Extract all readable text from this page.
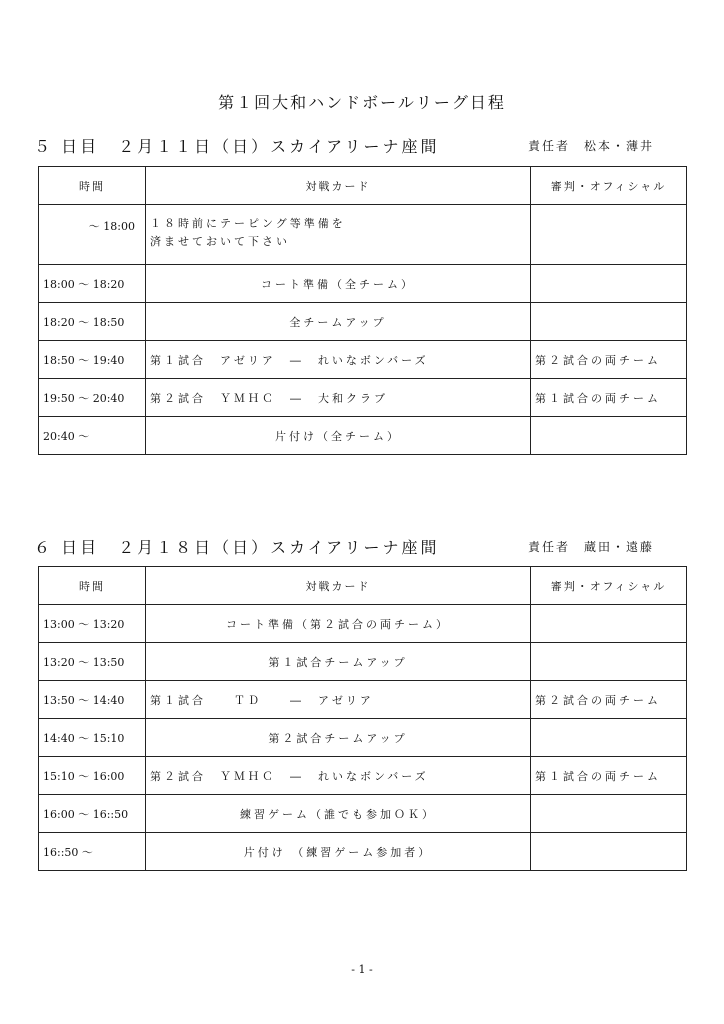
第１回大和ハンドボールリーグ日程
５ 日目　２月１１日（日）スカイアリーナ座間	責任者　松本・薄井
時間	対戦カード	審判・オフィシャル
～ 18:00	１８時前にテーピング等準備を
済ませておいて下さい	
18:00 ～ 18:20	コート準備（全チーム）	
18:20 ～ 18:50	全チームアップ	
18:50 ～ 19:40	第１試合　アゼリア　―　れいなボンバーズ	第２試合の両チーム
19:50 ～ 20:40	第２試合　ＹＭＨＣ　―　大和クラブ	第１試合の両チーム
20:40 ～	片付け（全チーム）	
６ 日目　２月１８日（日）スカイアリーナ座間	責任者　蔵田・遠藤
時間	対戦カード	審判・オフィシャル
13:00 ～ 13:20	コート準備（第２試合の両チーム）	
13:20 ～ 13:50	第１試合チームアップ	
13:50 ～ 14:40	第１試合　　ＴＤ　　―　アゼリア	第２試合の両チーム
14:40 ～ 15:10	第２試合チームアップ	
15:10 ～ 16:00	第２試合　ＹＭＨＣ　―　れいなボンバーズ	第１試合の両チーム
16:00 ～ 16::50	練習ゲーム（誰でも参加ＯＫ）	
16::50 ～	片付け （練習ゲーム参加者）	
- 1 -
